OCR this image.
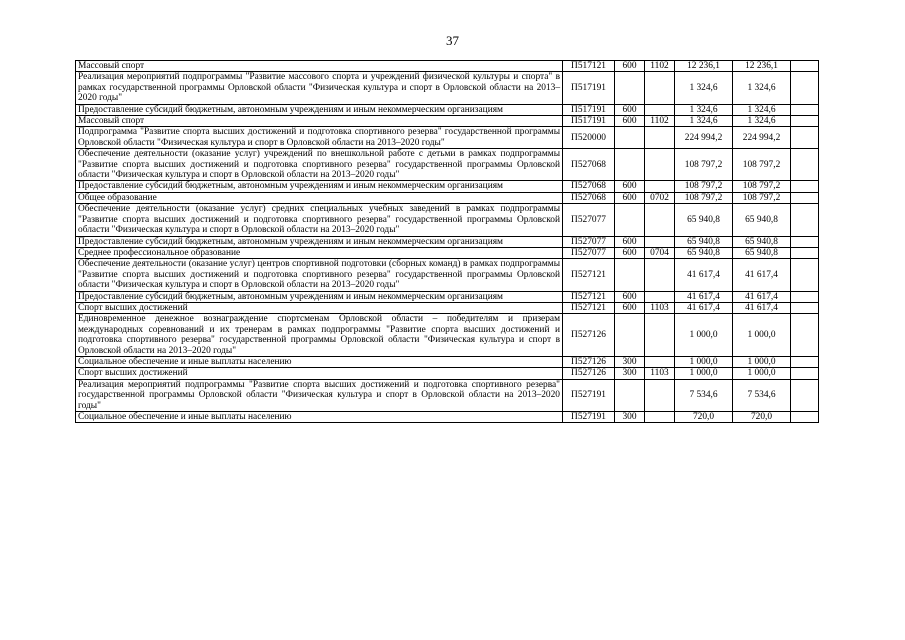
37
Массовый спорт	П517121	600	1102	12 236,1	12 236,1	
Реализация мероприятий подпрограммы "Развитие массового спорта и учреждений физической культуры и спорта" в рамках государственной программы Орловской области "Физическая культура и спорт в Орловской области на 2013–2020 годы"	П517191			1 324,6	1 324,6	
Предоставление субсидий бюджетным, автономным учреждениям и иным некоммерческим организациям	П517191	600		1 324,6	1 324,6	
Массовый спорт	П517191	600	1102	1 324,6	1 324,6	
Подпрограмма "Развитие спорта высших достижений и подготовка спортивного резерва" государственной программы Орловской области "Физическая культура и спорт в Орловской области на 2013–2020 годы"	П520000			224 994,2	224 994,2	
Обеспечение деятельности (оказание услуг) учреждений по внешкольной работе с детьми в рамках подпрограммы "Развитие спорта высших достижений и подготовка спортивного резерва" государственной программы Орловской области "Физическая культура и спорт в Орловской области на 2013–2020 годы"	П527068			108 797,2	108 797,2	
Предоставление субсидий бюджетным, автономным учреждениям и иным некоммерческим организациям	П527068	600		108 797,2	108 797,2	
Общее образование	П527068	600	0702	108 797,2	108 797,2	
Обеспечение деятельности (оказание услуг) средних специальных учебных заведений в рамках подпрограммы "Развитие спорта высших достижений и подготовка спортивного резерва" государственной программы Орловской области "Физическая культура и спорт в Орловской области на 2013–2020 годы"	П527077			65 940,8	65 940,8	
Предоставление субсидий бюджетным, автономным учреждениям и иным некоммерческим организациям	П527077	600		65 940,8	65 940,8	
Среднее профессиональное образование	П527077	600	0704	65 940,8	65 940,8	
Обеспечение деятельности (оказание услуг) центров спортивной подготовки (сборных команд) в рамках подпрограммы "Развитие спорта высших достижений и подготовка спортивного резерва" государственной программы Орловской области "Физическая культура и спорт в Орловской области на 2013–2020 годы"	П527121			41 617,4	41 617,4	
Предоставление субсидий бюджетным, автономным учреждениям и иным некоммерческим организациям	П527121	600		41 617,4	41 617,4	
Спорт высших достижений	П527121	600	1103	41 617,4	41 617,4	
Единовременное денежное вознаграждение спортсменам Орловской области – победителям и призерам международных соревнований и их тренерам в рамках подпрограммы "Развитие спорта высших достижений и подготовка спортивного резерва" государственной программы Орловской области "Физическая культура и спорт в Орловской области на 2013–2020 годы"	П527126			1 000,0	1 000,0	
Социальное обеспечение и иные выплаты населению	П527126	300		1 000,0	1 000,0	
Спорт высших достижений	П527126	300	1103	1 000,0	1 000,0	
Реализация мероприятий подпрограммы "Развитие спорта высших достижений и подготовка спортивного резерва" государственной программы Орловской области "Физическая культура и спорт в Орловской области на 2013–2020 годы"	П527191			7 534,6	7 534,6	
Социальное обеспечение и иные выплаты населению	П527191	300		720,0	720,0	
